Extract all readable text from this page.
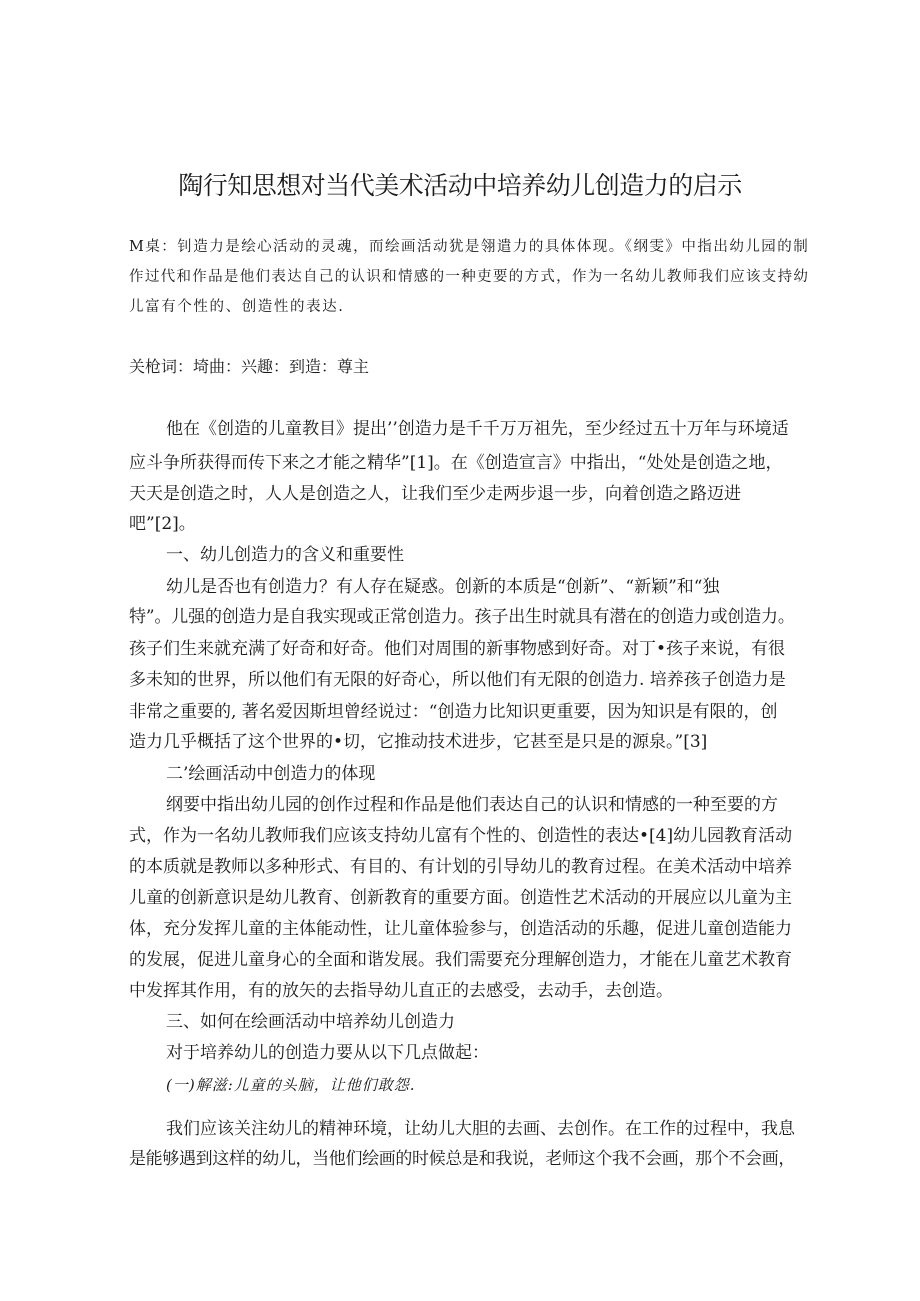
陶行知思想对当代美术活动中培养幼儿创造力的启示

M桌：钊造力是绘心活动的灵魂，而绘画活动犹是翎遣力的具体体现。《纲雯》中指出幼儿园的制
作过代和作品是他们表达自己的认识和情感的一种吏要的方式，作为一名幼儿教师我们应该支持幼
儿富有个性的、创造性的表达.

关枪词：埼曲：兴趣：到造：尊主

他在《创造的儿童教目》提出’’创造力是千千万万祖先，至少经过五十万年与环境适

应斗争所获得而传下来之才能之精华”[1]。在《创造宣言》中指出，“处处是创造之地，

天天是创造之时，人人是创造之人，让我们至少走两步退一步，向着创造之路迈进

吧”[2]。

一、幼儿创造力的含义和重要性

幼儿是否也有创造力？有人存在疑惑。创新的本质是“创新”、“新颖”和“独

特”。儿强的创造力是自我实现或正常创造力。孩子出生时就具有潜在的创造力或创造力。

孩子们生来就充满了好奇和好奇。他们对周围的新事物感到好奇。对丁•孩子来说，有很

多未知的世界，所以他们有无限的好奇心，所以他们有无限的创造力. 培养孩子创造力是

非常之重要的, 著名爱因斯坦曾经说过：“创造力比知识更重要，因为知识是有限的，创

造力几乎概括了这个世界的•切，它推动技术进步，它甚至是只是的源泉。”[3]

二’绘画活动中创造力的体现

纲要中指出幼儿园的创作过程和作品是他们表达自己的认识和情感的一种至要的方

式，作为一名幼儿教师我们应该支持幼儿富有个性的、创造性的表达•[4]幼儿园教育活动

的本质就是教师以多种形式、有目的、有计划的引导幼儿的教育过程。在美术活动中培养

儿童的创新意识是幼儿教育、创新教育的重要方面。创造性艺术活动的开展应以儿童为主

体，充分发挥儿童的主体能动性，让儿童体验参与，创造活动的乐趣，促进儿童创造能力

的发展，促进儿童身心的全面和谐发展。我们需要充分理解创造力，才能在儿童艺术教育

中发挥其作用，有的放矢的去指导幼儿直正的去感受，去动手，去创造。

三、如何在绘画活动中培养幼儿创造力

对于培养幼儿的创造力要从以下几点做起：

(一)解滋:儿童的头脑，让他们敢怨.

我们应该关注幼儿的精神环境，让幼儿大胆的去画、去创作。在工作的过程中，我息

是能够遇到这样的幼儿，当他们绘画的时候总是和我说，老师这个我不会画，那个不会画，
